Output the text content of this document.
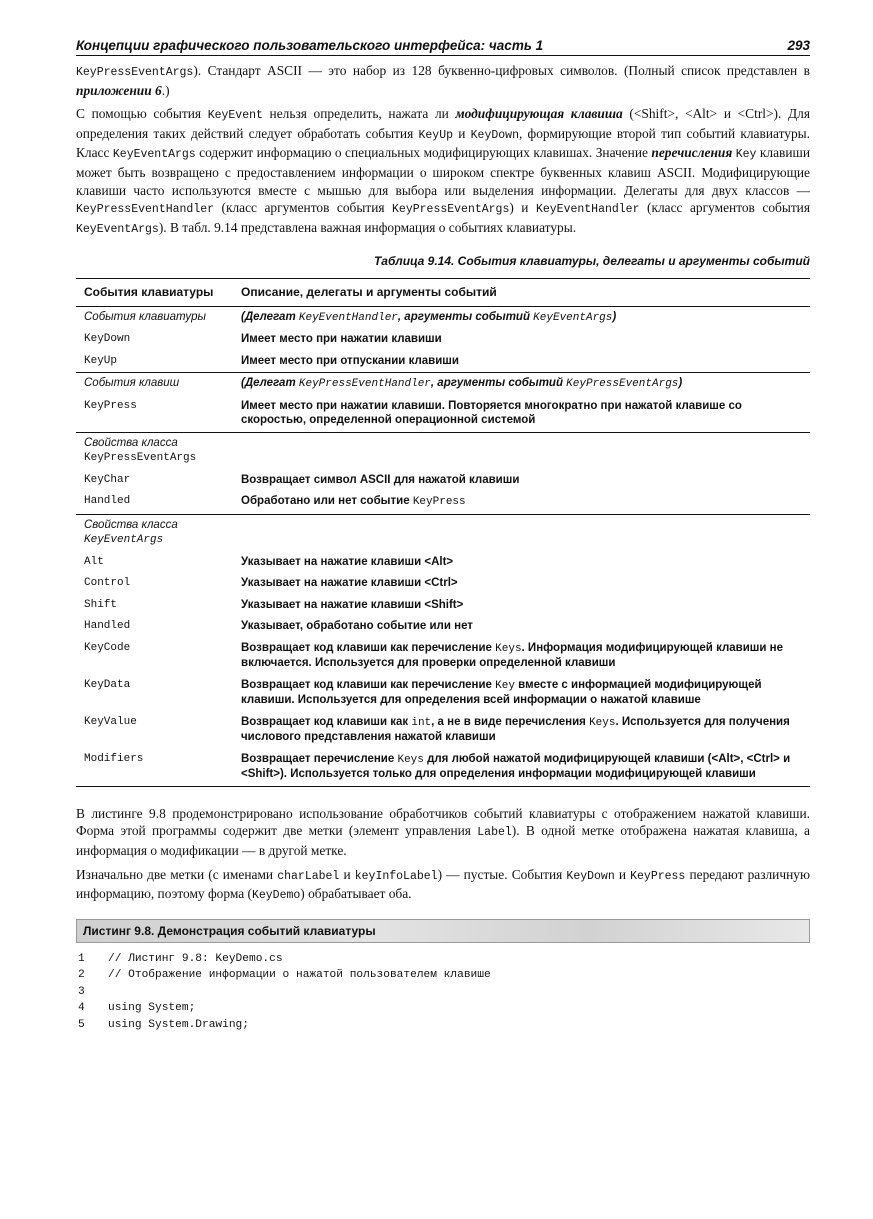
Концепции графического пользовательского интерфейса: часть 1	293

KeyPressEventArgs). Стандарт ASCII — это набор из 128 буквенно-цифровых символов. (Полный список представлен в приложении 6.)

С помощью события KeyEvent нельзя определить, нажата ли модифицирующая клавиша (<Shift>, <Alt> и <Ctrl>). Для определения таких действий следует обработать события KeyUp и KeyDown, формирующие второй тип событий клавиатуры. Класс KeyEventArgs содержит информацию о специальных модифицирующих клавишах. Значение перечисления Key клавиши может быть возвращено с предоставлением информации о широком спектре буквенных клавиш ASCII. Модифицирующие клавиши часто используются вместе с мышью для выбора или выделения информации. Делегаты для двух классов — KeyPressEventHandler (класс аргументов события KeyPressEventArgs) и KeyEventHandler (класс аргументов события KeyEventArgs). В табл. 9.14 представлена важная информация о событиях клавиатуры.

Таблица 9.14. События клавиатуры, делегаты и аргументы событий
События клавиатуры	Описание, делегаты и аргументы событий
События клавиатуры	(Делегат KeyEventHandler, аргументы событий KeyEventArgs)
KeyDown	Имеет место при нажатии клавиши
KeyUp	Имеет место при отпускании клавиши
События клавиш	(Делегат KeyPressEventHandler, аргументы событий KeyPressEventArgs)
KeyPress	Имеет место при нажатии клавиши. Повторяется многократно при нажатой клавише со скоростью, определенной операционной системой
Свойства класса
KeyPressEventArgs	
KeyChar	Возвращает символ ASCII для нажатой клавиши
Handled	Обработано или нет событие KeyPress
Свойства класса
KeyEventArgs	
Alt	Указывает на нажатие клавиши <Alt>
Control	Указывает на нажатие клавиши <Ctrl>
Shift	Указывает на нажатие клавиши <Shift>
Handled	Указывает, обработано событие или нет
KeyCode	Возвращает код клавиши как перечисление Keys. Информация модифицирующей клавиши не включается. Используется для проверки определенной клавиши
KeyData	Возвращает код клавиши как перечисление Key вместе с информацией модифицирующей клавиши. Используется для определения всей информации о нажатой клавише
KeyValue	Возвращает код клавиши как int, а не в виде перечисления Keys. Используется для получения числового представления нажатой клавиши
Modifiers	Возвращает перечисление Keys для любой нажатой модифицирующей клавиши (<Alt>, <Ctrl> и <Shift>). Используется только для определения информации модифицирующей клавиши

В листинге 9.8 продемонстрировано использование обработчиков событий клавиатуры с отображением нажатой клавиши. Форма этой программы содержит две метки (элемент управления Label). В одной метке отображена нажатая клавиша, а информация о модификации — в другой метке.

Изначально две метки (с именами charLabel и keyInfoLabel) — пустые. События KeyDown и KeyPress передают различную информацию, поэтому форма (KeyDemo) обрабатывает оба.

Листинг 9.8. Демонстрация событий клавиатуры
1	// Листинг 9.8: KeyDemo.cs
2	// Отображение информации о нажатой пользователем клавише
3
4	using System;
5	using System.Drawing;
